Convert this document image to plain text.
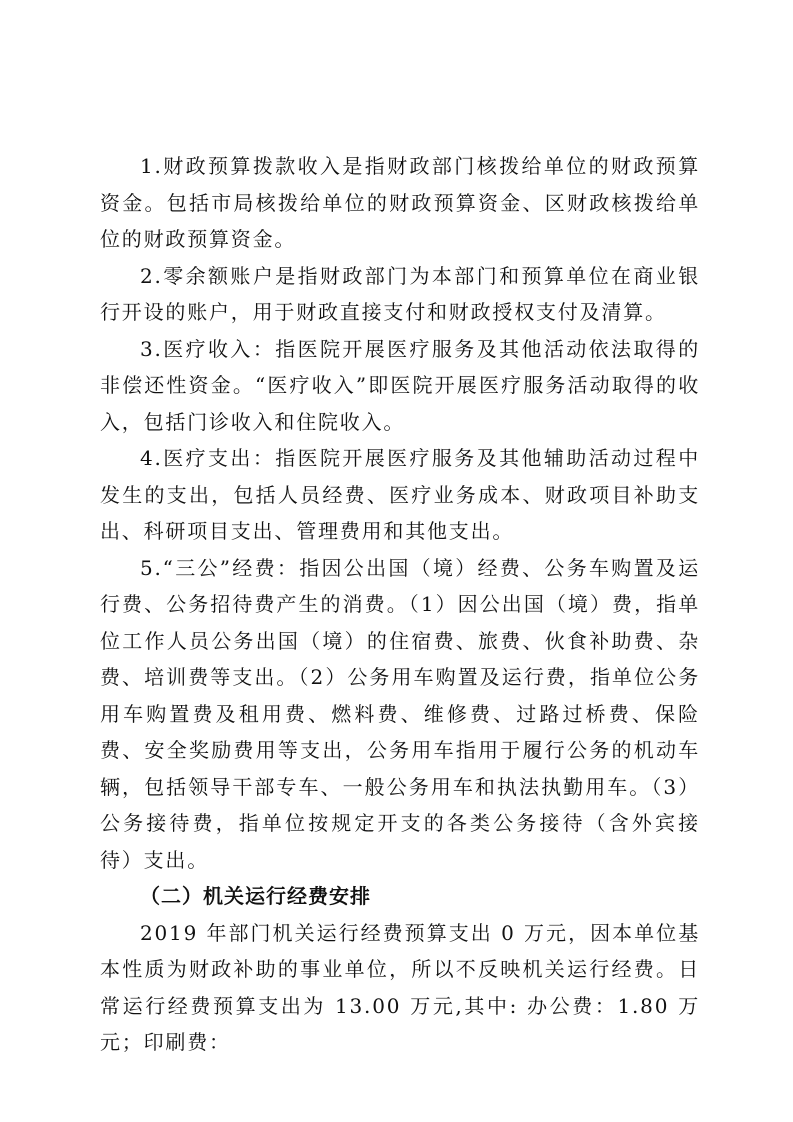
1.财政预算拨款收入是指财政部门核拨给单位的财政预算资金。包括市局核拨给单位的财政预算资金、区财政核拨给单位的财政预算资金。

2.零余额账户是指财政部门为本部门和预算单位在商业银行开设的账户，用于财政直接支付和财政授权支付及清算。

3.医疗收入：指医院开展医疗服务及其他活动依法取得的非偿还性资金。“医疗收入”即医院开展医疗服务活动取得的收入，包括门诊收入和住院收入。

4.医疗支出：指医院开展医疗服务及其他辅助活动过程中发生的支出，包括人员经费、医疗业务成本、财政项目补助支出、科研项目支出、管理费用和其他支出。

5.“三公”经费：指因公出国（境）经费、公务车购置及运行费、公务招待费产生的消费。（1）因公出国（境）费，指单位工作人员公务出国（境）的住宿费、旅费、伙食补助费、杂费、培训费等支出。（2）公务用车购置及运行费，指单位公务用车购置费及租用费、燃料费、维修费、过路过桥费、保险费、安全奖励费用等支出，公务用车指用于履行公务的机动车辆，包括领导干部专车、一般公务用车和执法执勤用车。（3）公务接待费，指单位按规定开支的各类公务接待（含外宾接待）支出。

（二）机关运行经费安排

2019 年部门机关运行经费预算支出 0 万元，因本单位基本性质为财政补助的事业单位，所以不反映机关运行经费。日常运行经费预算支出为 13.00 万元,其中: 办公费：1.80 万元；印刷费：
